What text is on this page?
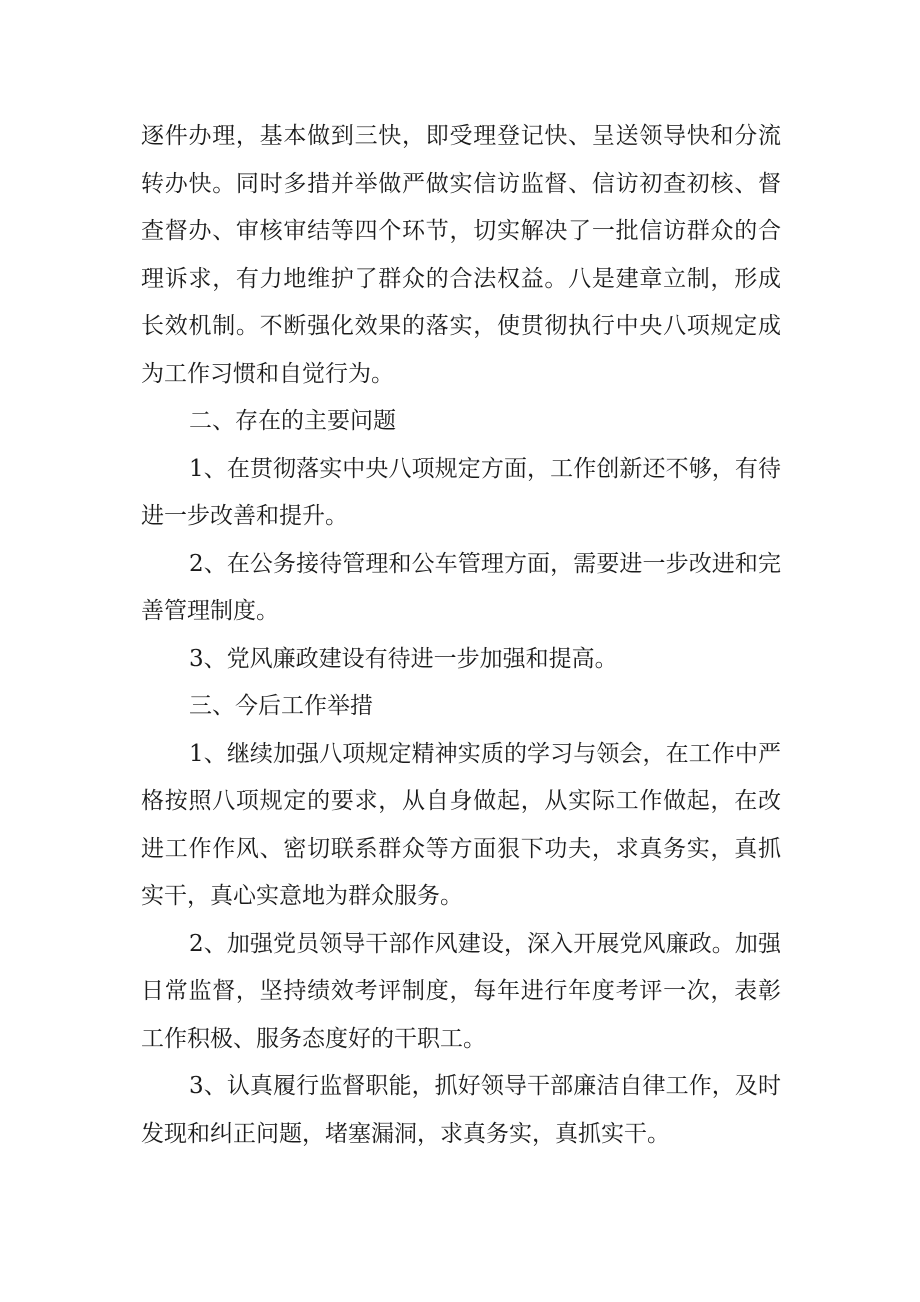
逐件办理，基本做到三快，即受理登记快、呈送领导快和分流转办快。同时多措并举做严做实信访监督、信访初查初核、督查督办、审核审结等四个环节，切实解决了一批信访群众的合理诉求，有力地维护了群众的合法权益。八是建章立制，形成长效机制。不断强化效果的落实，使贯彻执行中央八项规定成为工作习惯和自觉行为。

二、存在的主要问题

1、在贯彻落实中央八项规定方面，工作创新还不够，有待进一步改善和提升。

2、在公务接待管理和公车管理方面，需要进一步改进和完善管理制度。

3、党风廉政建设有待进一步加强和提高。

三、今后工作举措

1、继续加强八项规定精神实质的学习与领会，在工作中严格按照八项规定的要求，从自身做起，从实际工作做起，在改进工作作风、密切联系群众等方面狠下功夫，求真务实，真抓实干，真心实意地为群众服务。

2、加强党员领导干部作风建设，深入开展党风廉政。加强日常监督，坚持绩效考评制度，每年进行年度考评一次，表彰工作积极、服务态度好的干职工。

3、认真履行监督职能，抓好领导干部廉洁自律工作，及时发现和纠正问题，堵塞漏洞，求真务实，真抓实干。
